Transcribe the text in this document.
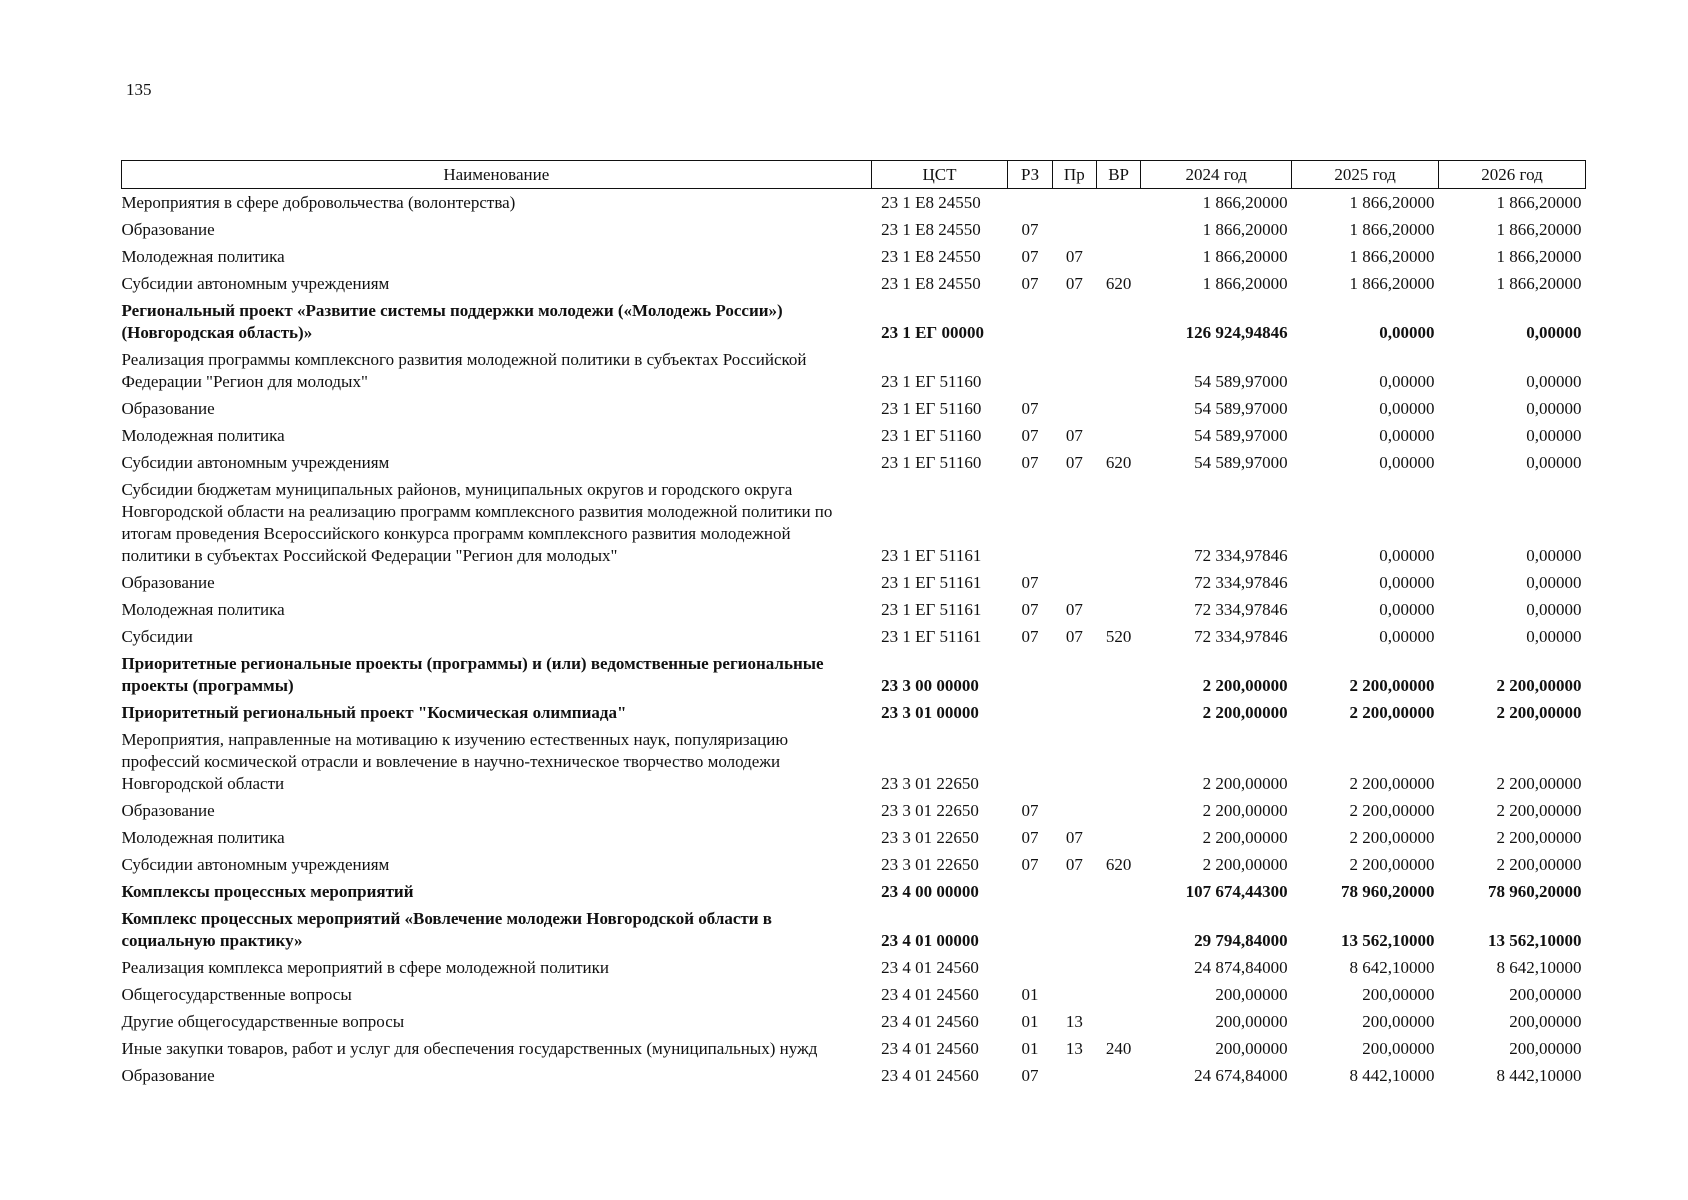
135
Наименование	ЦСТ	РЗ	Пр	ВР	2024 год	2025 год	2026 год
Мероприятия в сфере добровольчества (волонтерства)	23 1 Е8 24550				1 866,20000	1 866,20000	1 866,20000
Образование	23 1 Е8 24550	07			1 866,20000	1 866,20000	1 866,20000
Молодежная политика	23 1 Е8 24550	07	07		1 866,20000	1 866,20000	1 866,20000
Субсидии автономным учреждениям	23 1 Е8 24550	07	07	620	1 866,20000	1 866,20000	1 866,20000
Региональный проект «Развитие системы поддержки молодежи («Молодежь России») (Новгородская область)»	23 1 ЕГ 00000				126 924,94846	0,00000	0,00000
Реализация программы комплексного развития молодежной политики в субъектах Российской Федерации "Регион для молодых"	23 1 ЕГ 51160				54 589,97000	0,00000	0,00000
Образование	23 1 ЕГ 51160	07			54 589,97000	0,00000	0,00000
Молодежная политика	23 1 ЕГ 51160	07	07		54 589,97000	0,00000	0,00000
Субсидии автономным учреждениям	23 1 ЕГ 51160	07	07	620	54 589,97000	0,00000	0,00000
Субсидии бюджетам муниципальных районов, муниципальных округов и городского округа Новгородской области на реализацию программ комплексного развития молодежной политики по итогам проведения Всероссийского конкурса программ комплексного развития молодежной политики в субъектах Российской Федерации "Регион для молодых"	23 1 ЕГ 51161				72 334,97846	0,00000	0,00000
Образование	23 1 ЕГ 51161	07			72 334,97846	0,00000	0,00000
Молодежная политика	23 1 ЕГ 51161	07	07		72 334,97846	0,00000	0,00000
Субсидии	23 1 ЕГ 51161	07	07	520	72 334,97846	0,00000	0,00000
Приоритетные региональные проекты (программы) и (или) ведомственные региональные проекты (программы)	23 3 00 00000				2 200,00000	2 200,00000	2 200,00000
Приоритетный региональный проект "Космическая олимпиада"	23 3 01 00000				2 200,00000	2 200,00000	2 200,00000
Мероприятия, направленные на мотивацию к изучению естественных наук, популяризацию профессий космической отрасли и вовлечение в научно-техническое творчество молодежи Новгородской области	23 3 01 22650				2 200,00000	2 200,00000	2 200,00000
Образование	23 3 01 22650	07			2 200,00000	2 200,00000	2 200,00000
Молодежная политика	23 3 01 22650	07	07		2 200,00000	2 200,00000	2 200,00000
Субсидии автономным учреждениям	23 3 01 22650	07	07	620	2 200,00000	2 200,00000	2 200,00000
Комплексы процессных мероприятий	23 4 00 00000				107 674,44300	78 960,20000	78 960,20000
Комплекс процессных мероприятий «Вовлечение молодежи Новгородской области в социальную практику»	23 4 01 00000				29 794,84000	13 562,10000	13 562,10000
Реализация комплекса мероприятий в сфере молодежной политики	23 4 01 24560				24 874,84000	8 642,10000	8 642,10000
Общегосударственные вопросы	23 4 01 24560	01			200,00000	200,00000	200,00000
Другие общегосударственные вопросы	23 4 01 24560	01	13		200,00000	200,00000	200,00000
Иные закупки товаров, работ и услуг для обеспечения государственных (муниципальных) нужд	23 4 01 24560	01	13	240	200,00000	200,00000	200,00000
Образование	23 4 01 24560	07			24 674,84000	8 442,10000	8 442,10000
